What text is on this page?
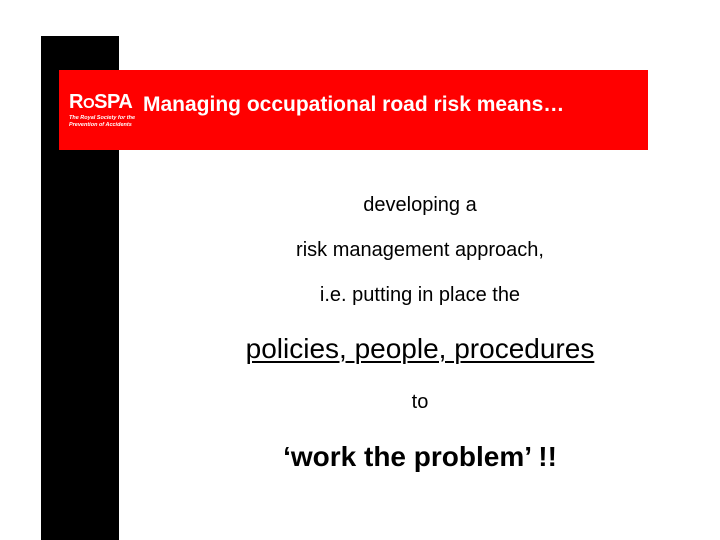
ROSPA
The Royal Society for the
Prevention of Accidents
Managing occupational road risk means…

developing a

risk management approach,

i.e. putting in place the

policies, people, procedures

to

‘work the problem’ !!
